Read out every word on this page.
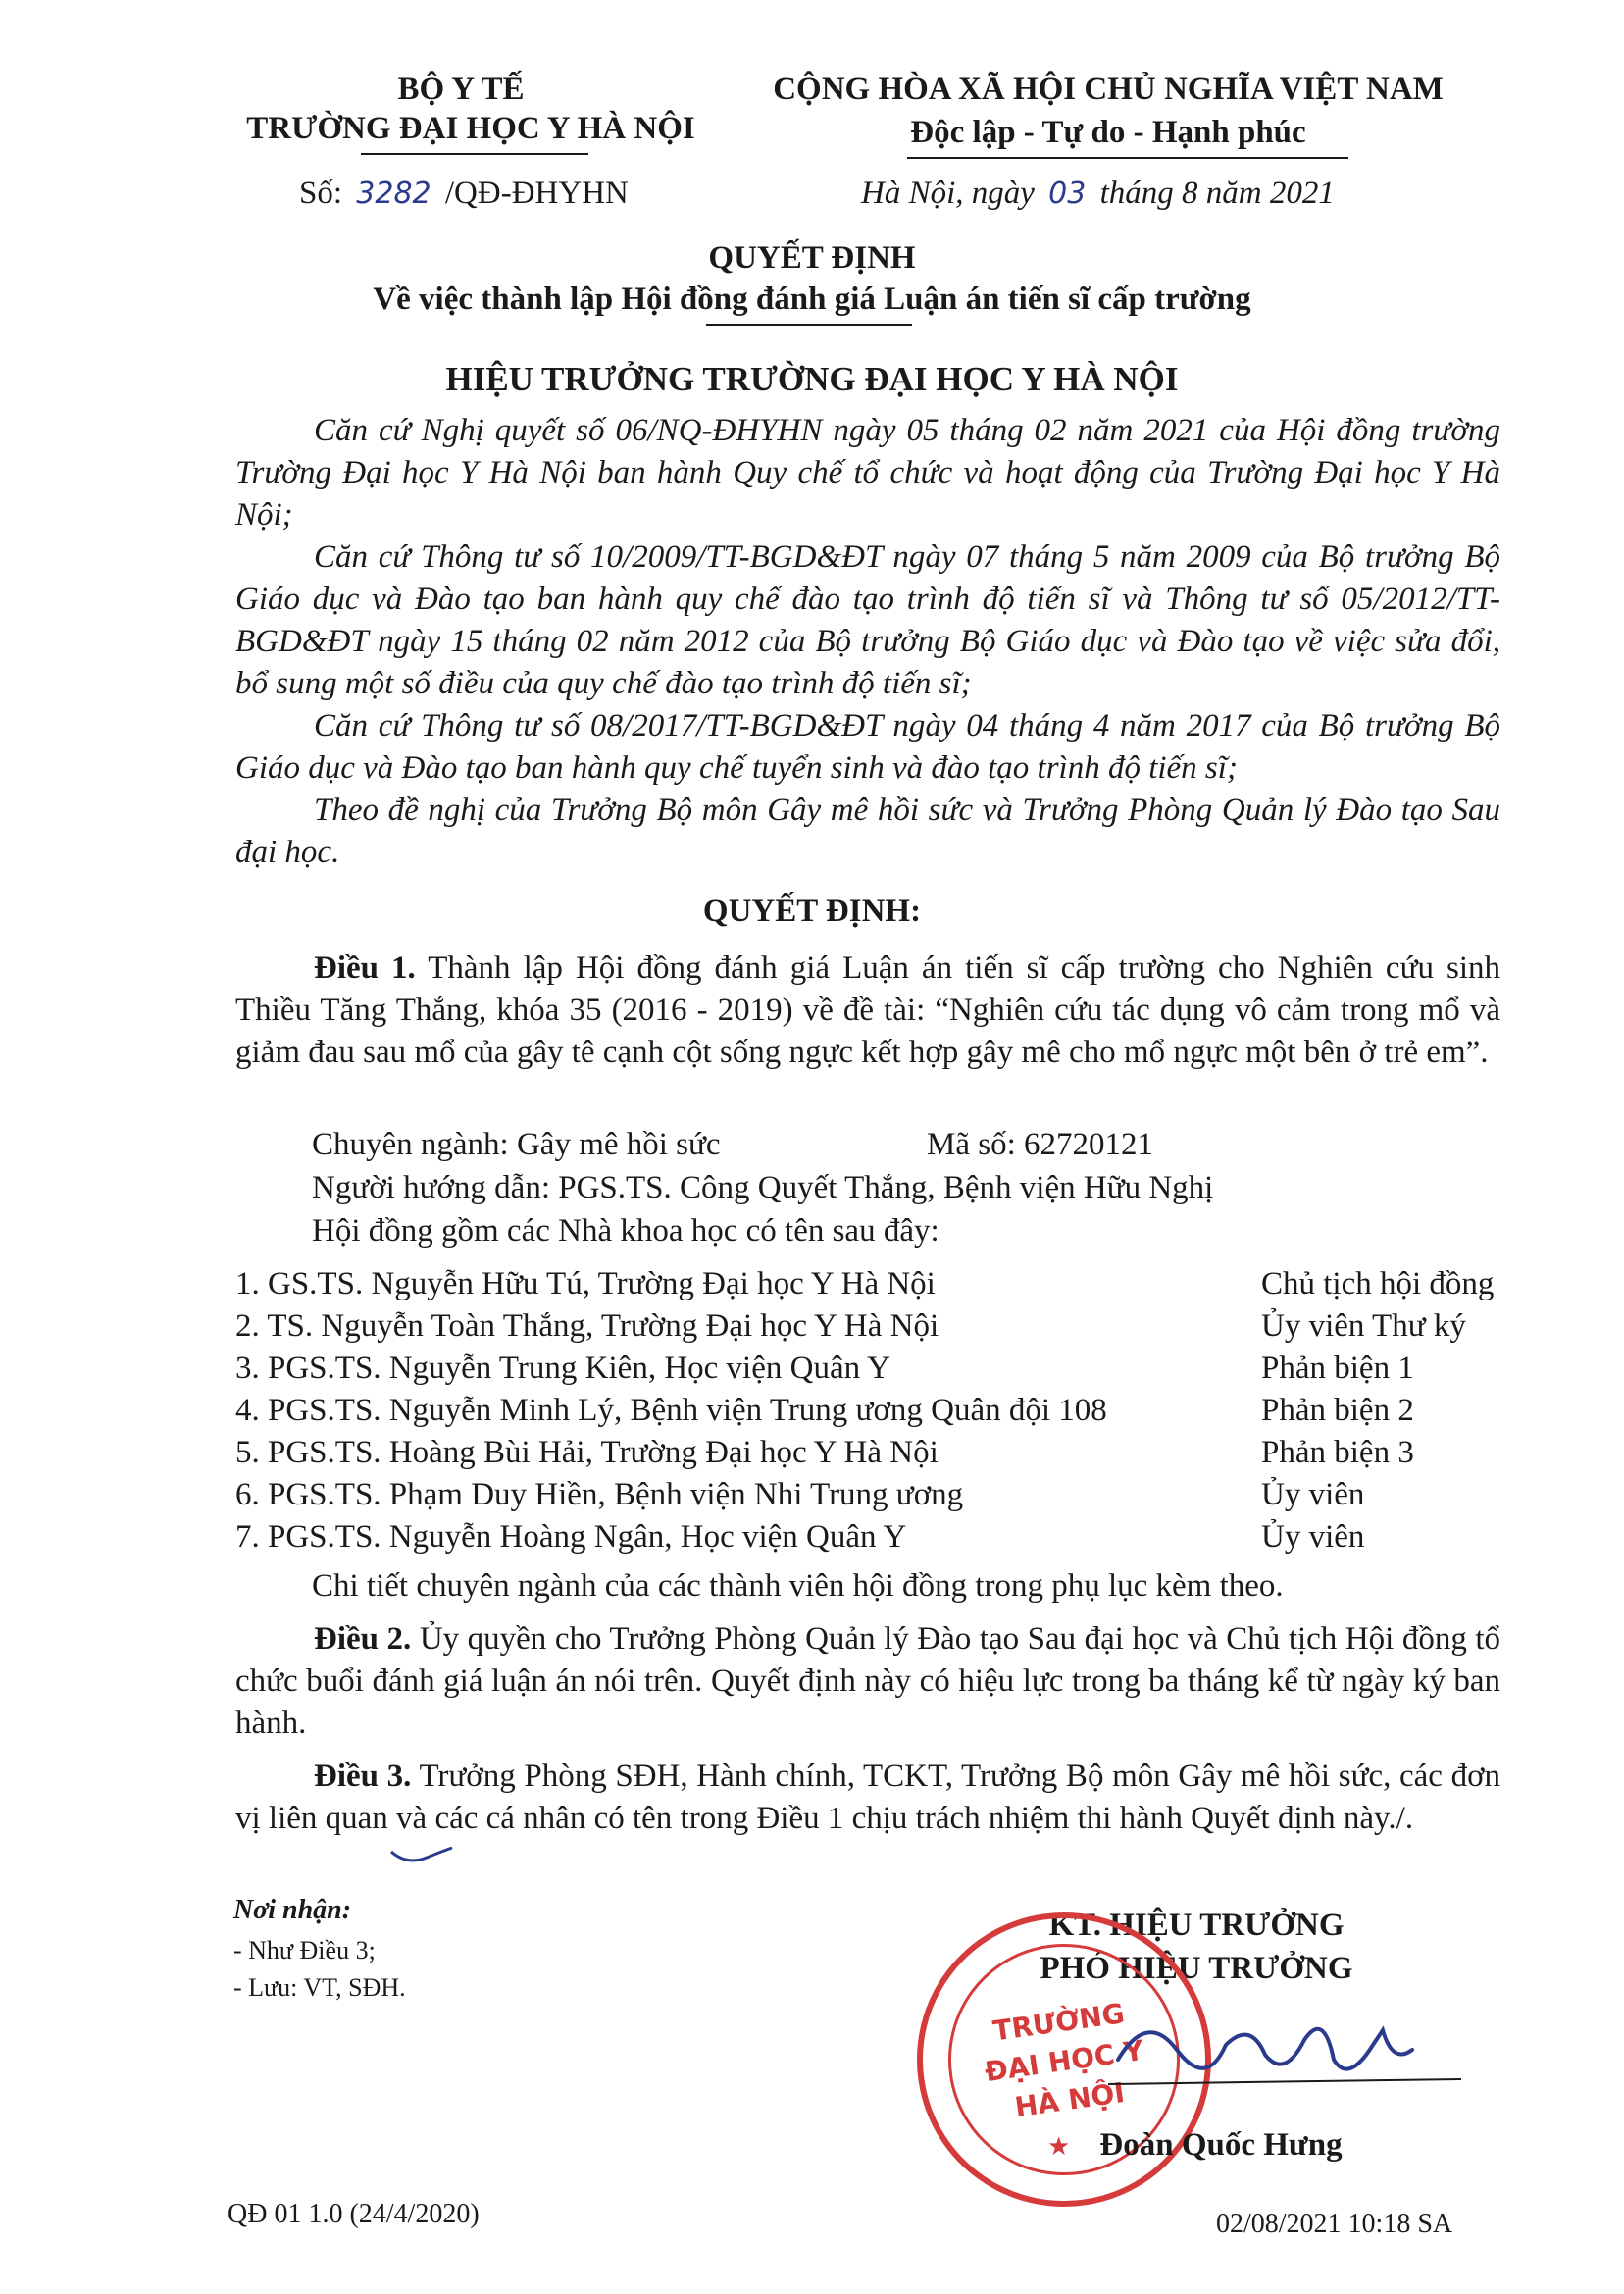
BỘ Y TẾ
TRƯỜNG ĐẠI HỌC Y HÀ NỘI
Số: 3282 /QĐ-ĐHYHN
CỘNG HÒA XÃ HỘI CHỦ NGHĨA VIỆT NAM
Độc lập - Tự do - Hạnh phúc
Hà Nội, ngày 03 tháng 8 năm 2021
QUYẾT ĐỊNH
Về việc thành lập Hội đồng đánh giá Luận án tiến sĩ cấp trường
HIỆU TRƯỞNG TRƯỜNG ĐẠI HỌC Y HÀ NỘI

Căn cứ Nghị quyết số 06/NQ-ĐHYHN ngày 05 tháng 02 năm 2021 của Hội đồng trường Trường Đại học Y Hà Nội ban hành Quy chế tổ chức và hoạt động của Trường Đại học Y Hà Nội;

Căn cứ Thông tư số 10/2009/TT-BGD&ĐT ngày 07 tháng 5 năm 2009 của Bộ trưởng Bộ Giáo dục và Đào tạo ban hành quy chế đào tạo trình độ tiến sĩ và Thông tư số 05/2012/TT-BGD&ĐT ngày 15 tháng 02 năm 2012 của Bộ trưởng Bộ Giáo dục và Đào tạo về việc sửa đổi, bổ sung một số điều của quy chế đào tạo trình độ tiến sĩ;

Căn cứ Thông tư số 08/2017/TT-BGD&ĐT ngày 04 tháng 4 năm 2017 của Bộ trưởng Bộ Giáo dục và Đào tạo ban hành quy chế tuyển sinh và đào tạo trình độ tiến sĩ;

Theo đề nghị của Trưởng Bộ môn Gây mê hồi sức và Trưởng Phòng Quản lý Đào tạo Sau đại học.

QUYẾT ĐỊNH:

Điều 1. Thành lập Hội đồng đánh giá Luận án tiến sĩ cấp trường cho Nghiên cứu sinh Thiều Tăng Thắng, khóa 35 (2016 - 2019) về đề tài: “Nghiên cứu tác dụng vô cảm trong mổ và giảm đau sau mổ của gây tê cạnh cột sống ngực kết hợp gây mê cho mổ ngực một bên ở trẻ em”.

Chuyên ngành: Gây mê hồi sức	Mã số: 62720121
Người hướng dẫn: PGS.TS. Công Quyết Thắng, Bệnh viện Hữu Nghị
Hội đồng gồm các Nhà khoa học có tên sau đây:
1. GS.TS. Nguyễn Hữu Tú, Trường Đại học Y Hà Nội	Chủ tịch hội đồng
2. TS. Nguyễn Toàn Thắng, Trường Đại học Y Hà Nội	Ủy viên Thư ký
3. PGS.TS. Nguyễn Trung Kiên, Học viện Quân Y	Phản biện 1
4. PGS.TS. Nguyễn Minh Lý, Bệnh viện Trung ương Quân đội 108	Phản biện 2
5. PGS.TS. Hoàng Bùi Hải, Trường Đại học Y Hà Nội	Phản biện 3
6. PGS.TS. Phạm Duy Hiền, Bệnh viện Nhi Trung ương	Ủy viên
7. PGS.TS. Nguyễn Hoàng Ngân, Học viện Quân Y	Ủy viên
Chi tiết chuyên ngành của các thành viên hội đồng trong phụ lục kèm theo.

Điều 2. Ủy quyền cho Trưởng Phòng Quản lý Đào tạo Sau đại học và Chủ tịch Hội đồng tổ chức buổi đánh giá luận án nói trên. Quyết định này có hiệu lực trong ba tháng kể từ ngày ký ban hành.

Điều 3. Trưởng Phòng SĐH, Hành chính, TCKT, Trưởng Bộ môn Gây mê hồi sức, các đơn vị liên quan và các cá nhân có tên trong Điều 1 chịu trách nhiệm thi hành Quyết định này./.

Nơi nhận:
- Như Điều 3;
- Lưu: VT, SĐH.
KT. HIỆU TRƯỞNG
PHÓ HIỆU TRƯỞNG
TRƯỜNG
ĐẠI HỌC Y
HÀ NỘI
★ Đoàn Quốc Hưng
QĐ 01 1.0 (24/4/2020)	02/08/2021 10:18 SA
